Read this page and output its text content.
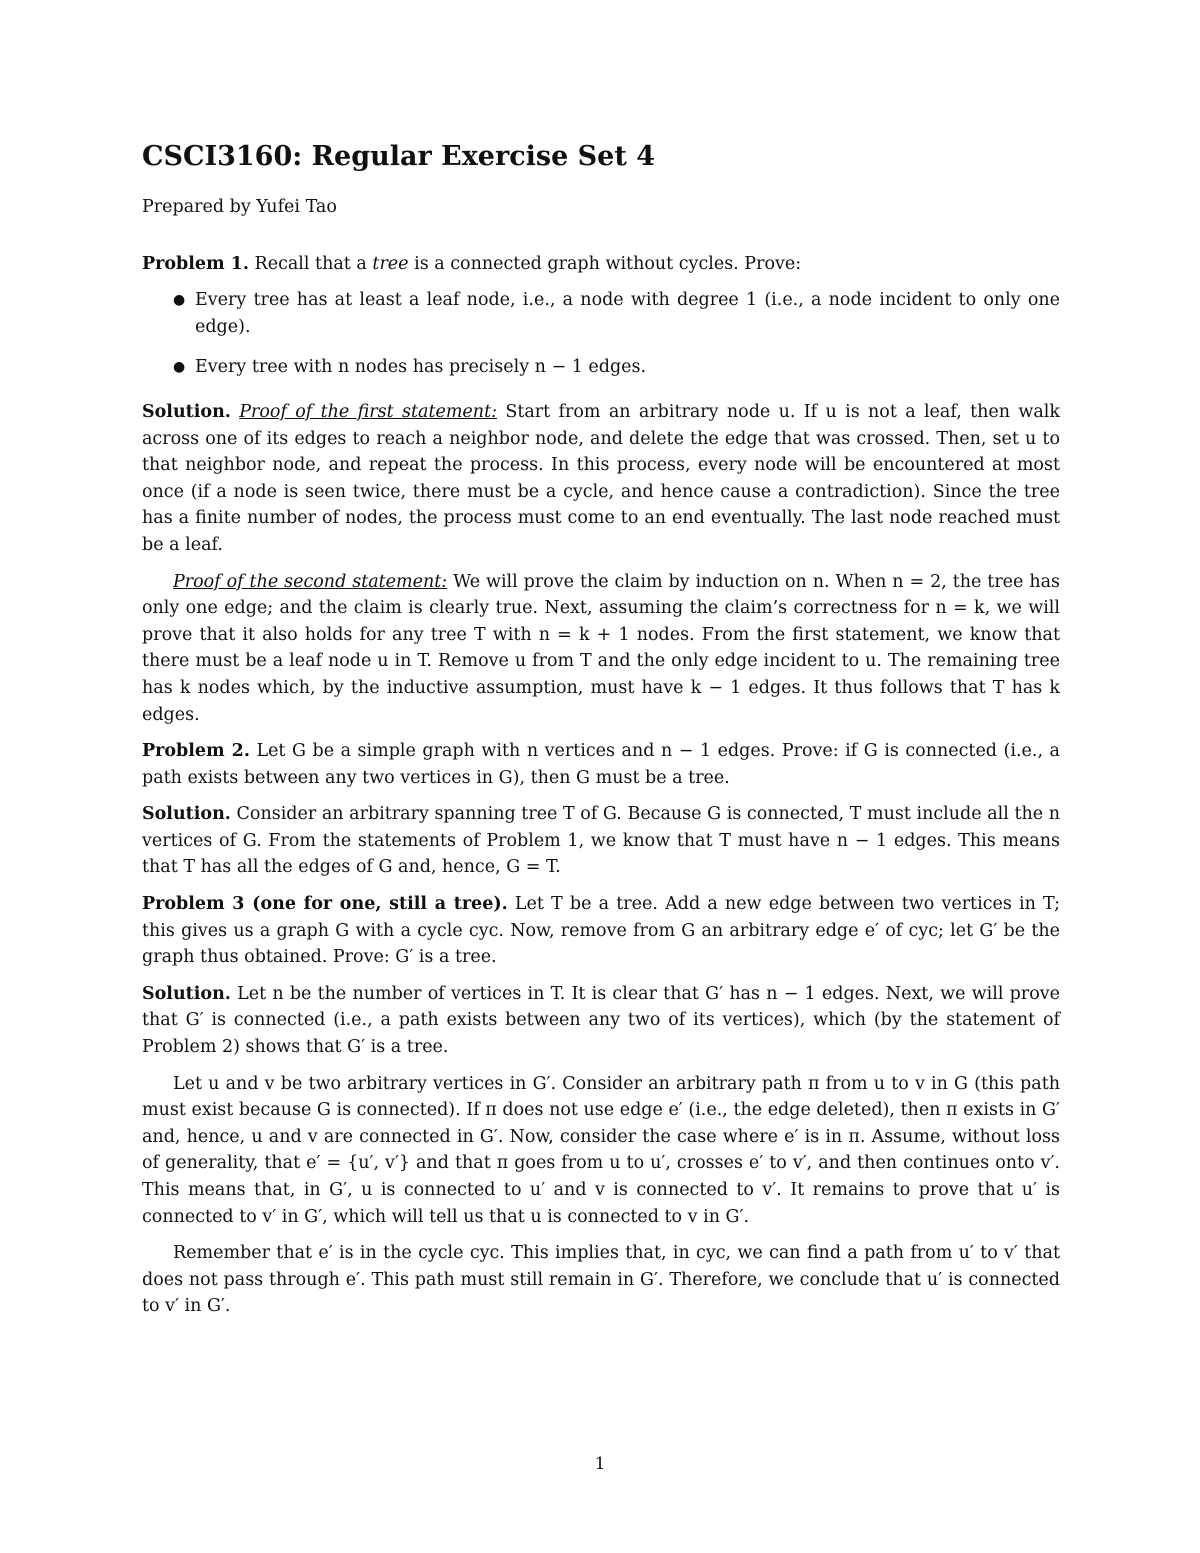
CSCI3160: Regular Exercise Set 4
Prepared by Yufei Tao

Problem 1. Recall that a tree is a connected graph without cycles. Prove:

● Every tree has at least a leaf node, i.e., a node with degree 1 (i.e., a node incident to only one edge).
● Every tree with n nodes has precisely n − 1 edges.

Solution. Proof of the first statement: Start from an arbitrary node u. If u is not a leaf, then walk across one of its edges to reach a neighbor node, and delete the edge that was crossed. Then, set u to that neighbor node, and repeat the process. In this process, every node will be encountered at most once (if a node is seen twice, there must be a cycle, and hence cause a contradiction). Since the tree has a finite number of nodes, the process must come to an end eventually. The last node reached must be a leaf.

Proof of the second statement: We will prove the claim by induction on n. When n = 2, the tree has only one edge; and the claim is clearly true. Next, assuming the claim’s correctness for n = k, we will prove that it also holds for any tree T with n = k + 1 nodes. From the first statement, we know that there must be a leaf node u in T. Remove u from T and the only edge incident to u. The remaining tree has k nodes which, by the inductive assumption, must have k − 1 edges. It thus follows that T has k edges.

Problem 2. Let G be a simple graph with n vertices and n − 1 edges. Prove: if G is connected (i.e., a path exists between any two vertices in G), then G must be a tree.

Solution. Consider an arbitrary spanning tree T of G. Because G is connected, T must include all the n vertices of G. From the statements of Problem 1, we know that T must have n − 1 edges. This means that T has all the edges of G and, hence, G = T.

Problem 3 (one for one, still a tree). Let T be a tree. Add a new edge between two vertices in T; this gives us a graph G with a cycle cyc. Now, remove from G an arbitrary edge e′ of cyc; let G′ be the graph thus obtained. Prove: G′ is a tree.

Solution. Let n be the number of vertices in T. It is clear that G′ has n − 1 edges. Next, we will prove that G′ is connected (i.e., a path exists between any two of its vertices), which (by the statement of Problem 2) shows that G′ is a tree.

Let u and v be two arbitrary vertices in G′. Consider an arbitrary path π from u to v in G (this path must exist because G is connected). If π does not use edge e′ (i.e., the edge deleted), then π exists in G′ and, hence, u and v are connected in G′. Now, consider the case where e′ is in π. Assume, without loss of generality, that e′ = {u′, v′} and that π goes from u to u′, crosses e′ to v′, and then continues onto v′. This means that, in G′, u is connected to u′ and v is connected to v′. It remains to prove that u′ is connected to v′ in G′, which will tell us that u is connected to v in G′.

Remember that e′ is in the cycle cyc. This implies that, in cyc, we can find a path from u′ to v′ that does not pass through e′. This path must still remain in G′. Therefore, we conclude that u′ is connected to v′ in G′.

1
